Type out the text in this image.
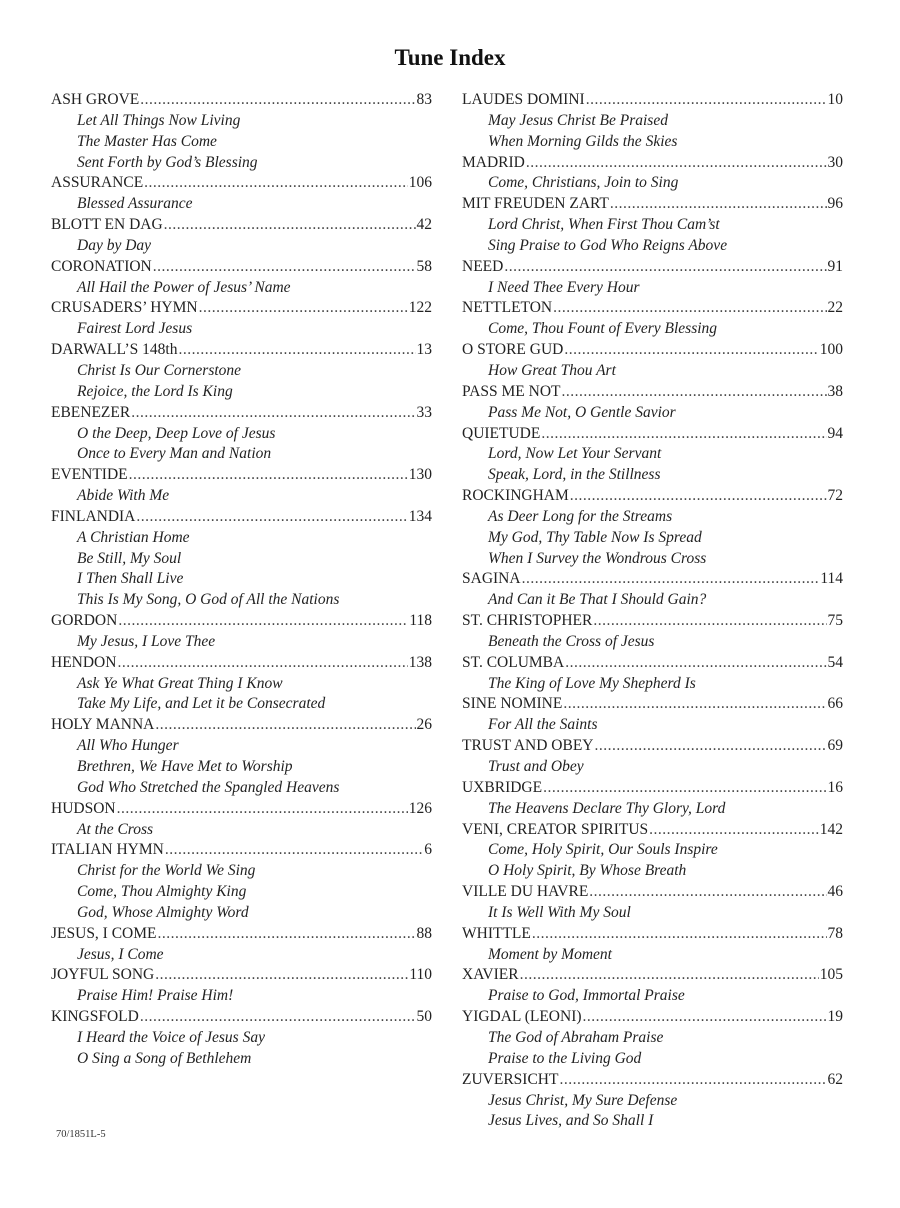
Tune Index
ASH GROVE .....	83
Let All Things Now Living
The Master Has Come
Sent Forth by God’s Blessing
ASSURANCE .....	106
Blessed Assurance
BLOTT EN DAG .....	42
Day by Day
CORONATION .....	58
All Hail the Power of Jesus’ Name
CRUSADERS’ HYMN .....	122
Fairest Lord Jesus
DARWALL’S 148th .....	13
Christ Is Our Cornerstone
Rejoice, the Lord Is King
EBENEZER .....	33
O the Deep, Deep Love of Jesus
Once to Every Man and Nation
EVENTIDE .....	130
Abide With Me
FINLANDIA .....	134
A Christian Home
Be Still, My Soul
I Then Shall Live
This Is My Song, O God of All the Nations
GORDON .....	118
My Jesus, I Love Thee
HENDON .....	138
Ask Ye What Great Thing I Know
Take My Life, and Let it be Consecrated
HOLY MANNA .....	26
All Who Hunger
Brethren, We Have Met to Worship
God Who Stretched the Spangled Heavens
HUDSON .....	126
At the Cross
ITALIAN HYMN .....	6
Christ for the World We Sing
Come, Thou Almighty King
God, Whose Almighty Word
JESUS, I COME .....	88
Jesus, I Come
JOYFUL SONG .....	110
Praise Him! Praise Him!
KINGSFOLD .....	50
I Heard the Voice of Jesus Say
O Sing a Song of Bethlehem
LAUDES DOMINI .....	10
May Jesus Christ Be Praised
When Morning Gilds the Skies
MADRID .....	30
Come, Christians, Join to Sing
MIT FREUDEN ZART .....	96
Lord Christ, When First Thou Cam’st
Sing Praise to God Who Reigns Above
NEED .....	91
I Need Thee Every Hour
NETTLETON .....	22
Come, Thou Fount of Every Blessing
O STORE GUD .....	100
How Great Thou Art
PASS ME NOT .....	38
Pass Me Not, O Gentle Savior
QUIETUDE .....	94
Lord, Now Let Your Servant
Speak, Lord, in the Stillness
ROCKINGHAM .....	72
As Deer Long for the Streams
My God, Thy Table Now Is Spread
When I Survey the Wondrous Cross
SAGINA .....	114
And Can it Be That I Should Gain?
ST. CHRISTOPHER .....	75
Beneath the Cross of Jesus
ST. COLUMBA .....	54
The King of Love My Shepherd Is
SINE NOMINE .....	66
For All the Saints
TRUST AND OBEY .....	69
Trust and Obey
UXBRIDGE .....	16
The Heavens Declare Thy Glory, Lord
VENI, CREATOR SPIRITUS .....	142
Come, Holy Spirit, Our Souls Inspire
O Holy Spirit, By Whose Breath
VILLE DU HAVRE .....	46
It Is Well With My Soul
WHITTLE .....	78
Moment by Moment
XAVIER .....	105
Praise to God, Immortal Praise
YIGDAL (LEONI) .....	19
The God of Abraham Praise
Praise to the Living God
ZUVERSICHT .....	62
Jesus Christ, My Sure Defense
Jesus Lives, and So Shall I
70/1851L-5
